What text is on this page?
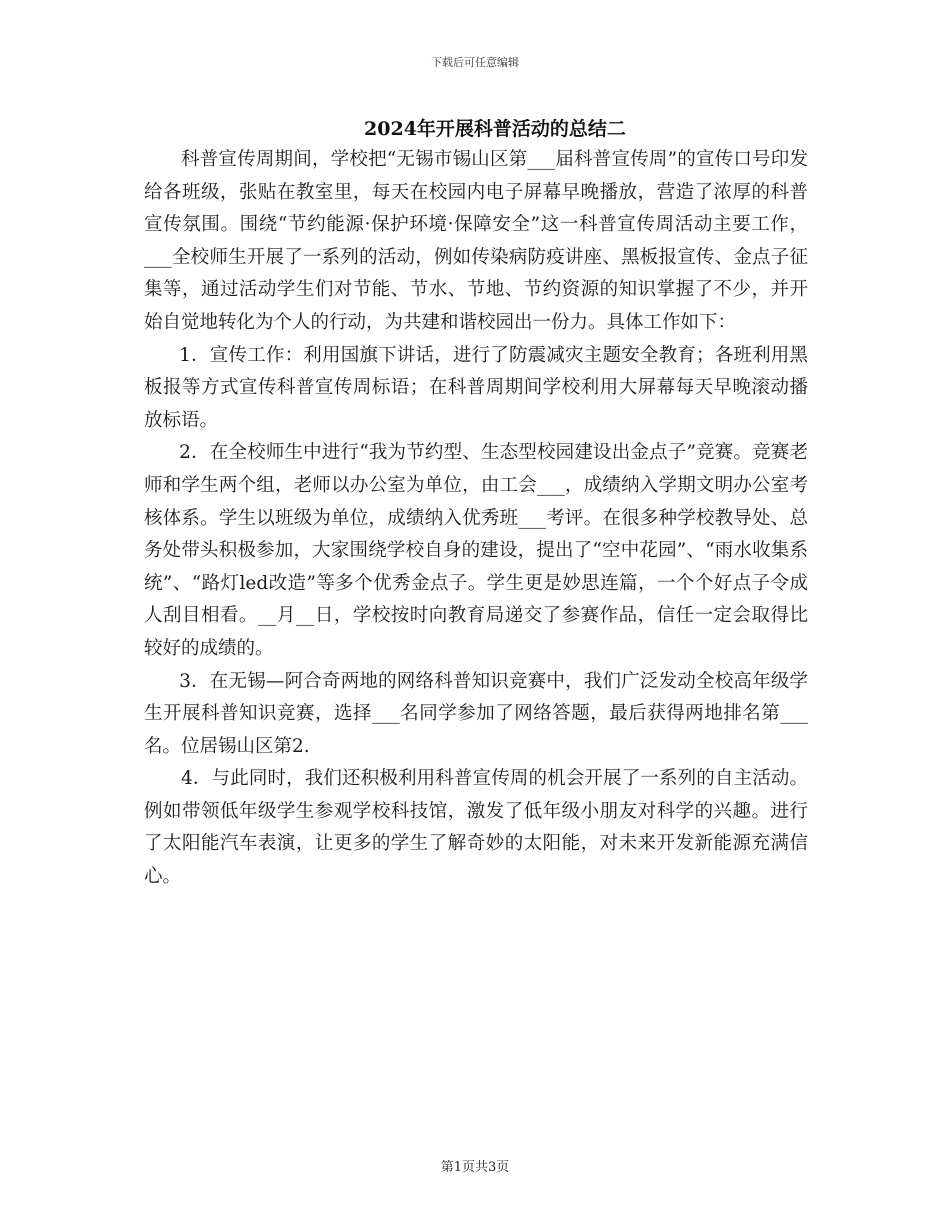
下载后可任意编辑
2024年开展科普活动的总结二

科普宣传周期间，学校把“无锡市锡山区第___届科普宣传周”的宣传口号印发给各班级，张贴在教室里，每天在校园内电子屏幕早晚播放，营造了浓厚的科普宣传氛围。围绕“节约能源·保护环境·保障安全”这一科普宣传周活动主要工作，___全校师生开展了一系列的活动，例如传染病防疫讲座、黑板报宣传、金点子征集等，通过活动学生们对节能、节水、节地、节约资源的知识掌握了不少，并开始自觉地转化为个人的行动，为共建和谐校园出一份力。具体工作如下：

1．宣传工作：利用国旗下讲话，进行了防震减灾主题安全教育；各班利用黑板报等方式宣传科普宣传周标语；在科普周期间学校利用大屏幕每天早晚滚动播放标语。

2．在全校师生中进行“我为节约型、生态型校园建设出金点子”竞赛。竞赛老师和学生两个组，老师以办公室为单位，由工会___，成绩纳入学期文明办公室考核体系。学生以班级为单位，成绩纳入优秀班___考评。在很多种学校教导处、总务处带头积极参加，大家围绕学校自身的建设，提出了“空中花园”、“雨水收集系统”、“路灯led改造”等多个优秀金点子。学生更是妙思连篇，一个个好点子令成人刮目相看。__月__日，学校按时向教育局递交了参赛作品，信任一定会取得比较好的成绩的。

3．在无锡—阿合奇两地的网络科普知识竞赛中，我们广泛发动全校高年级学生开展科普知识竞赛，选择___名同学参加了网络答题，最后获得两地排名第___名。位居锡山区第2.

4．与此同时，我们还积极利用科普宣传周的机会开展了一系列的自主活动。例如带领低年级学生参观学校科技馆，激发了低年级小朋友对科学的兴趣。进行了太阳能汽车表演，让更多的学生了解奇妙的太阳能，对未来开发新能源充满信心。

第1页共3页
